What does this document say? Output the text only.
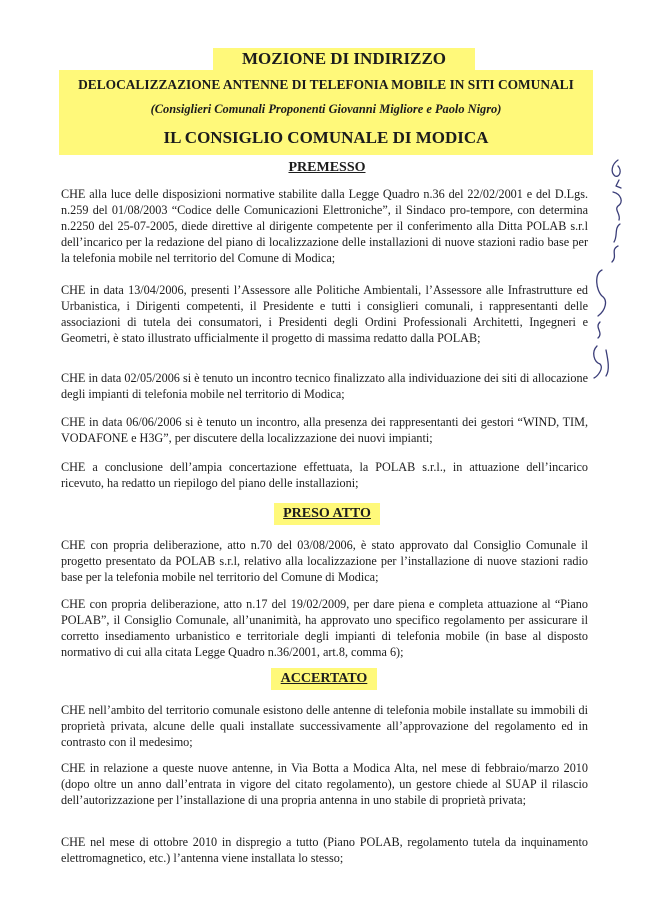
MOZIONE DI INDIRIZZO
DELOCALIZZAZIONE ANTENNE DI TELEFONIA MOBILE IN SITI COMUNALI
(Consiglieri Comunali Proponenti Giovanni Migliore e Paolo Nigro)
IL CONSIGLIO COMUNALE DI MODICA
PREMESSO

CHE alla luce delle disposizioni normative stabilite dalla Legge Quadro n.36 del 22/02/2001 e del D.Lgs. n.259 del 01/08/2003 “Codice delle Comunicazioni Elettroniche”, il Sindaco pro-tempore, con determina n.2250 del 25-07-2005, diede direttive al dirigente competente per il conferimento alla Ditta POLAB s.r.l dell’incarico per la redazione del piano di localizzazione delle installazioni di nuove stazioni radio base per la telefonia mobile nel territorio del Comune di Modica;

CHE in data 13/04/2006, presenti l’Assessore alle Politiche Ambientali, l’Assessore alle Infrastrutture ed Urbanistica, i Dirigenti competenti, il Presidente e tutti i consiglieri comunali, i rappresentanti delle associazioni di tutela dei consumatori, i Presidenti degli Ordini Professionali Architetti, Ingegneri e Geometri, è stato illustrato ufficialmente il progetto di massima redatto dalla POLAB;

CHE in data 02/05/2006 si è tenuto un incontro tecnico finalizzato alla individuazione dei siti di allocazione degli impianti di telefonia mobile nel territorio di Modica;

CHE in data 06/06/2006 si è tenuto un incontro, alla presenza dei rappresentanti dei gestori “WIND, TIM, VODAFONE e H3G”, per discutere della localizzazione dei nuovi impianti;

CHE a conclusione dell’ampia concertazione effettuata, la POLAB s.r.l., in attuazione dell’incarico ricevuto, ha redatto un riepilogo del piano delle installazioni;

PRESO ATTO

CHE con propria deliberazione, atto n.70 del 03/08/2006, è stato approvato dal Consiglio Comunale il progetto presentato da POLAB s.r.l, relativo alla localizzazione per l’installazione di nuove stazioni radio base per la telefonia mobile nel territorio del Comune di Modica;

CHE con propria deliberazione, atto n.17 del 19/02/2009, per dare piena e completa attuazione al “Piano POLAB”, il Consiglio Comunale, all’unanimità, ha approvato uno specifico regolamento per assicurare il corretto insediamento urbanistico e territoriale degli impianti di telefonia mobile (in base al disposto normativo di cui alla citata Legge Quadro n.36/2001, art.8, comma 6);

ACCERTATO

CHE nell’ambito del territorio comunale esistono delle antenne di telefonia mobile installate su immobili di proprietà privata, alcune delle quali installate successivamente all’approvazione del regolamento ed in contrasto con il medesimo;

CHE in relazione a queste nuove antenne, in Via Botta a Modica Alta, nel mese di febbraio/marzo 2010 (dopo oltre un anno dall’entrata in vigore del citato regolamento), un gestore chiede al SUAP il rilascio dell’autorizzazione per l’installazione di una propria antenna in uno stabile di proprietà privata;

CHE nel mese di ottobre 2010 in dispregio a tutto (Piano POLAB, regolamento tutela da inquinamento elettromagnetico, etc.) l’antenna viene installata lo stesso;
